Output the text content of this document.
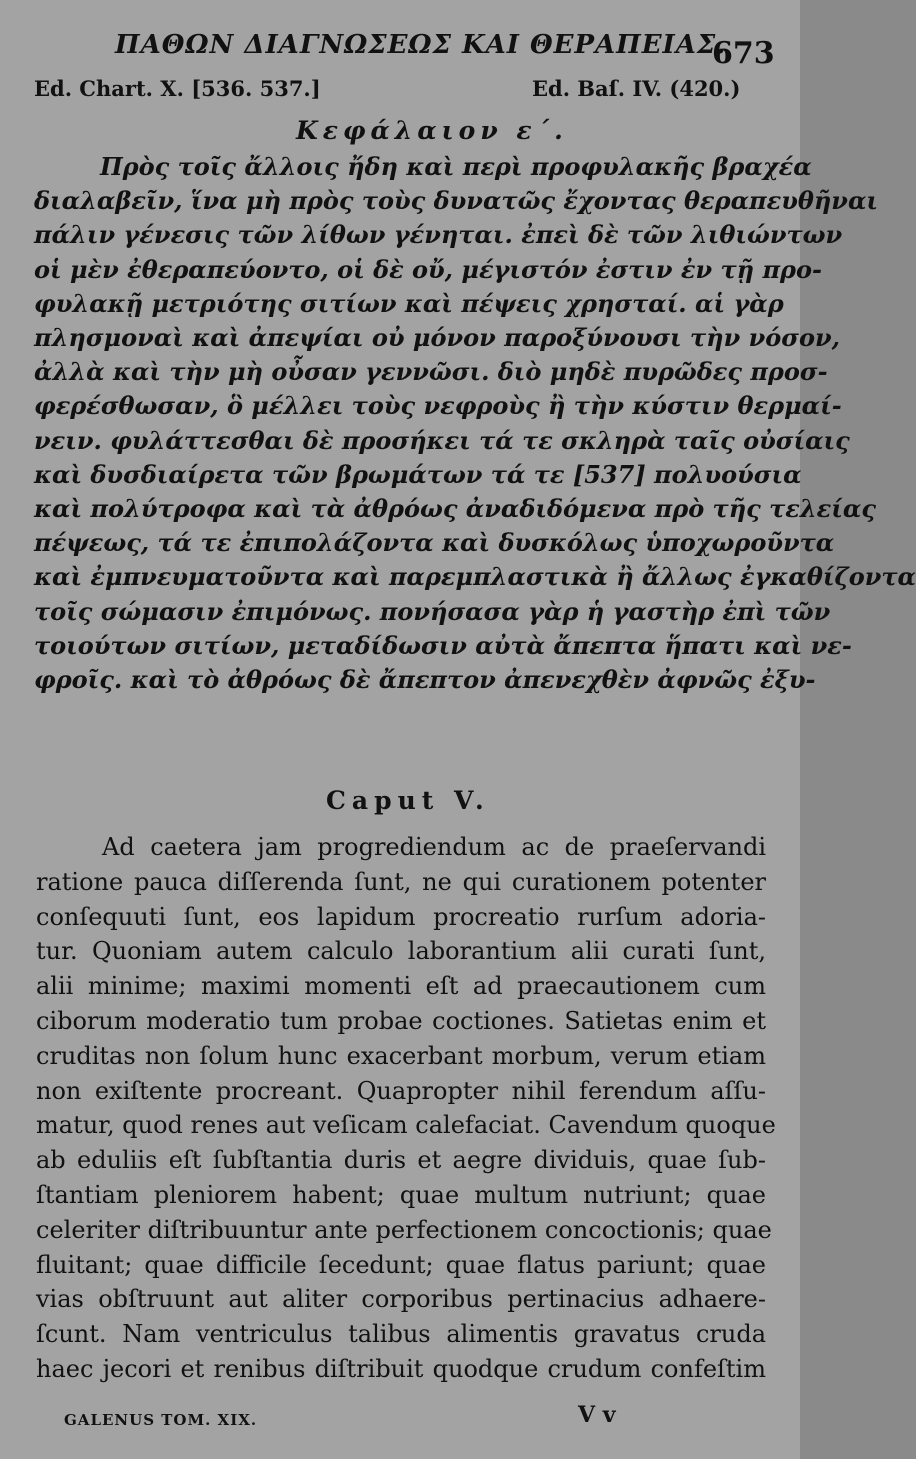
ΠΑΘΩΝ ΔΙΑΓΝΩΣΕΩΣ ΚΑΙ ΘΕΡΑΠΕΙΑΣ.
673
Ed. Chart. X. [536. 537.]	Ed. Baſ. IV. (420.)
Κεφάλαιον ε΄.
Πρὸς τοῖς ἄλλοις ἤδη καὶ περὶ προφυλακῆς βραχέα
διαλαβεῖν, ἵνα μὴ πρὸς τοὺς δυνατῶς ἔχοντας θεραπευθῆναι
πάλιν γένεσις τῶν λίθων γένηται. ἐπεὶ δὲ τῶν λιθιώντων
οἱ μὲν ἐθεραπεύοντο, οἱ δὲ οὔ, μέγιστόν ἐστιν ἐν τῇ προ-
φυλακῇ μετριότης σιτίων καὶ πέψεις χρησταί. αἱ γὰρ
πλησμοναὶ καὶ ἀπεψίαι οὐ μόνον παροξύνουσι τὴν νόσον,
ἀλλὰ καὶ τὴν μὴ οὖσαν γεννῶσι. διὸ μηδὲ πυρῶδες προσ-
φερέσθωσαν, ὃ μέλλει τοὺς νεφροὺς ἢ τὴν κύστιν θερμαί-
νειν. φυλάττεσθαι δὲ προσήκει τά τε σκληρὰ ταῖς οὐσίαις
καὶ δυσδιαίρετα τῶν βρωμάτων τά τε [537] πολυούσια
καὶ πολύτροφα καὶ τὰ ἀθρόως ἀναδιδόμενα πρὸ τῆς τελείας
πέψεως, τά τε ἐπιπολάζοντα καὶ δυσκόλως ὑποχωροῦντα
καὶ ἐμπνευματοῦντα καὶ παρεμπλαστικὰ ἢ ἄλλως ἐγκαθίζοντα
τοῖς σώμασιν ἐπιμόνως. πονήσασα γὰρ ἡ γαστὴρ ἐπὶ τῶν
τοιούτων σιτίων, μεταδίδωσιν αὐτὰ ἄπεπτα ἥπατι καὶ νε-
φροῖς. καὶ τὸ ἀθρόως δὲ ἄπεπτον ἀπενεχθὲν ἀφνῶς ἐξυ-
Caput V.
Ad caetera jam progrediendum ac de praeſervandi
ratione pauca diſſerenda ſunt, ne qui curationem potenter
conſequuti ſunt, eos lapidum procreatio rurſum adoria-
tur. Quoniam autem calculo laborantium alii curati ſunt,
alii minime; maximi momenti eſt ad praecautionem cum
ciborum moderatio tum probae coctiones. Satietas enim et
cruditas non ſolum hunc exacerbant morbum, verum etiam
non exiſtente procreant. Quapropter nihil ferendum aſſu-
matur, quod renes aut veſicam calefaciat. Cavendum quoque
ab eduliis eſt ſubſtantia duris et aegre dividuis, quae ſub-
ſtantiam pleniorem habent; quae multum nutriunt; quae
celeriter diſtribuuntur ante perfectionem concoctionis; quae
fluitant; quae difficile ſecedunt; quae flatus pariunt; quae
vias obſtruunt aut aliter corporibus pertinacius adhaere-
ſcunt. Nam ventriculus talibus alimentis gravatus cruda
haec jecori et renibus diſtribuit quodque crudum confeſtim
GALENUS TOM. XIX.	V v
